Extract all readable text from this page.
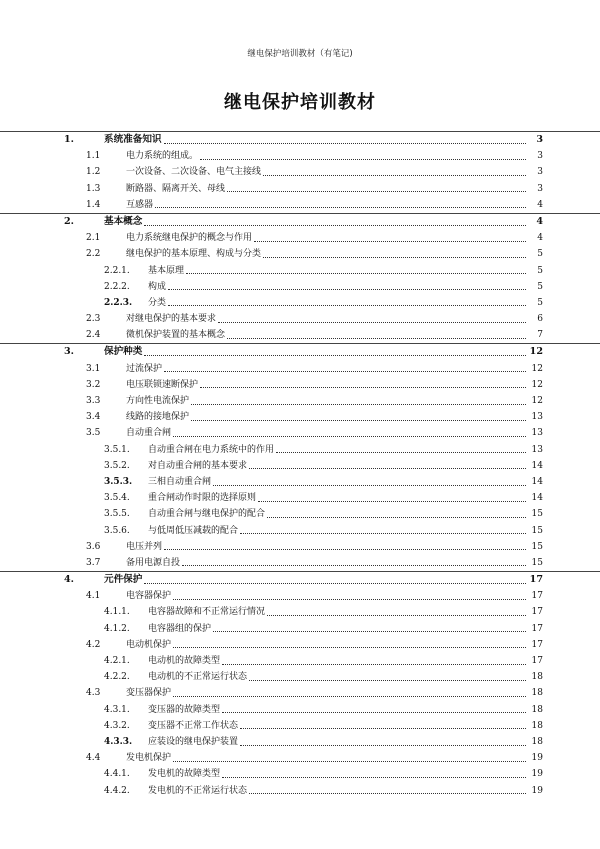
继电保护培训教材（有笔记)
继电保护培训教材
1.	系统准备知识	3
1.1	电力系统的组成。	3
1.2	一次设备、二次设备、电气主接线	3
1.3	断路器、隔离开关、母线	3
1.4	互感器	4
2.	基本概念	4
2.1	电力系统继电保护的概念与作用	4
2.2	继电保护的基本原理、构成与分类	5
2.2.1. 基本原理	5
2.2.2. 构成	5
2.2.3. 分类	5
2.3	对继电保护的基本要求	6
2.4	微机保护装置的基本概念	7
3.	保护种类	12
3.1	过流保护	12
3.2	电压联锁速断保护	12
3.3	方向性电流保护	12
3.4	线路的接地保护	13
3.5	自动重合闸	13
3.5.1. 自动重合闸在电力系统中的作用	13
3.5.2. 对自动重合闸的基本要求	14
3.5.3. 三相自动重合闸	14
3.5.4. 重合闸动作时限的选择原则	14
3.5.5. 自动重合闸与继电保护的配合	15
3.5.6. 与低周低压减载的配合	15
3.6	电压并列	15
3.7	备用电源自投	15
4.	元件保护	17
4.1	电容器保护	17
4.1.1. 电容器故障和不正常运行情况	17
4.1.2. 电容器组的保护	17
4.2	电动机保护	17
4.2.1. 电动机的故障类型	17
4.2.2. 电动机的不正常运行状态	18
4.3	变压器保护	18
4.3.1. 变压器的故障类型	18
4.3.2. 变压器不正常工作状态	18
4.3.3. 应装设的继电保护装置	18
4.4	发电机保护	19
4.4.1. 发电机的故障类型	19
4.4.2. 发电机的不正常运行状态	19
